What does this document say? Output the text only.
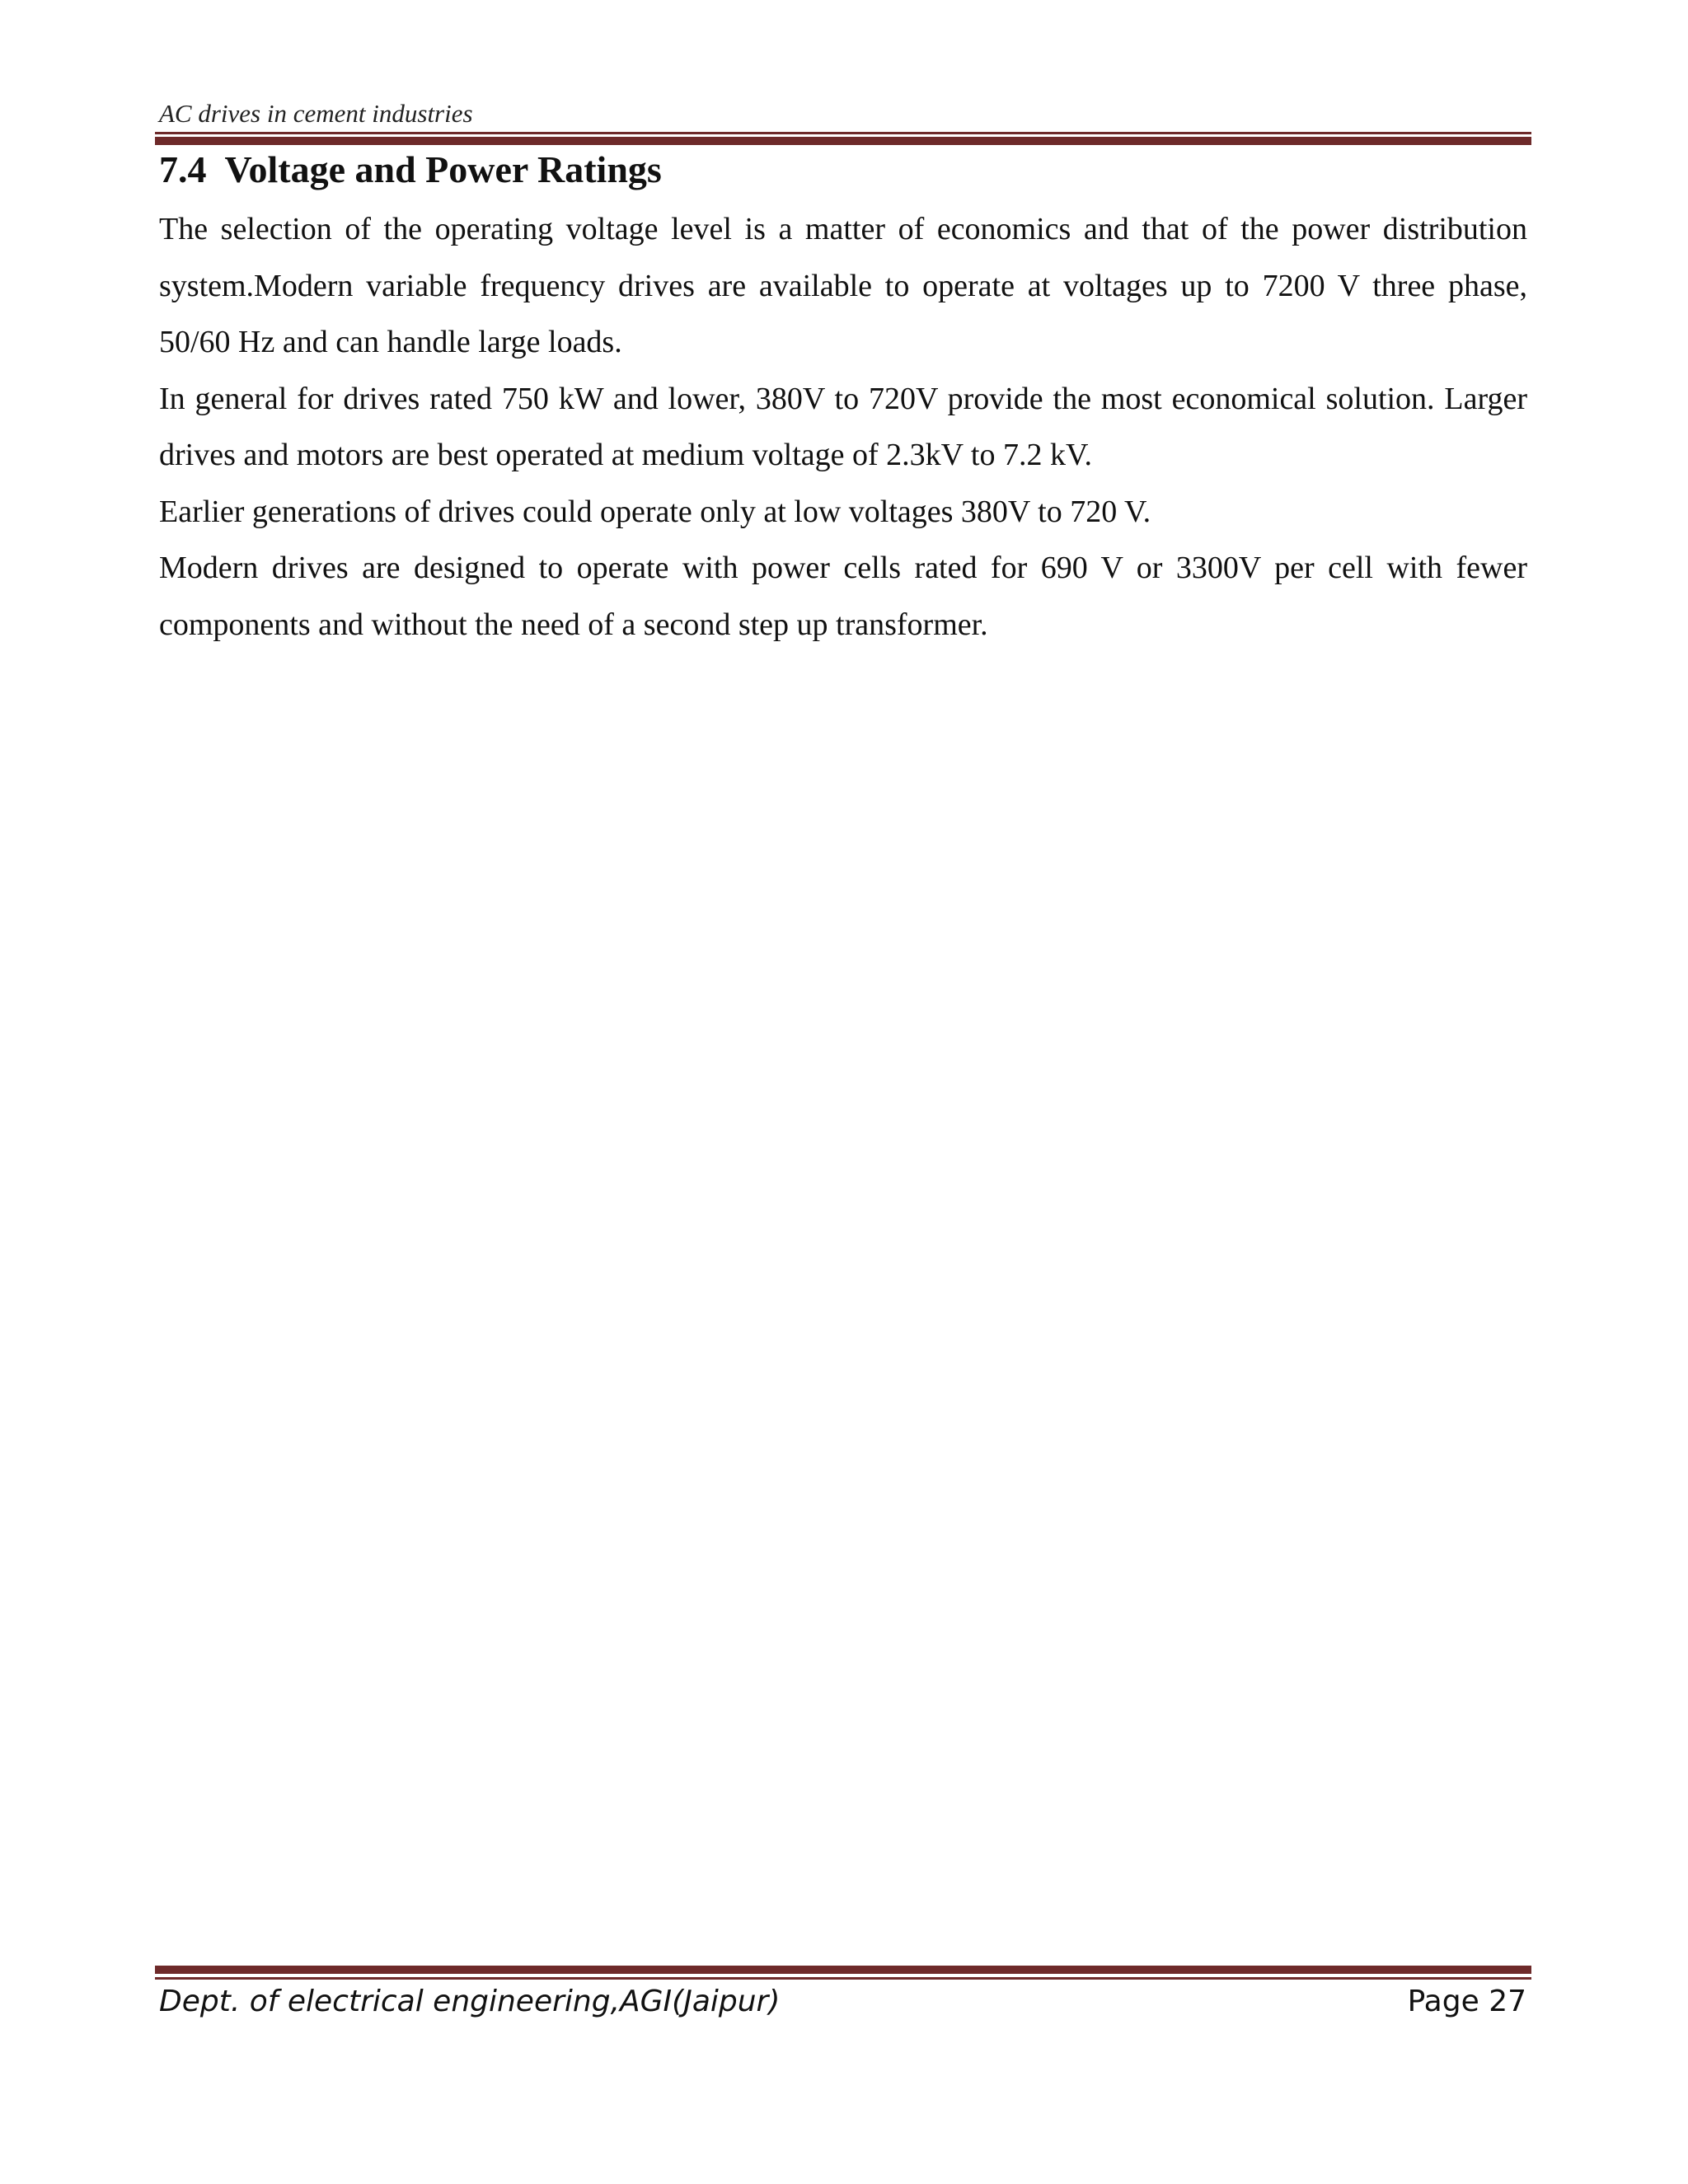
AC drives in cement industries
7.4 Voltage and Power Ratings

The selection of the operating voltage level is a matter of economics and that of the power distribution system.Modern variable frequency drives are available to operate at voltages up to 7200 V three phase, 50/60 Hz and can handle large loads.

In general for drives rated 750 kW and lower, 380V to 720V provide the most economical solution. Larger drives and motors are best operated at medium voltage of 2.3kV to 7.2 kV.

Earlier generations of drives could operate only at low voltages 380V to 720 V.

Modern drives are designed to operate with power cells rated for 690 V or 3300V per cell with fewer components and without the need of a second step up transformer.

Dept. of electrical engineering,AGI(Jaipur)	Page 27
